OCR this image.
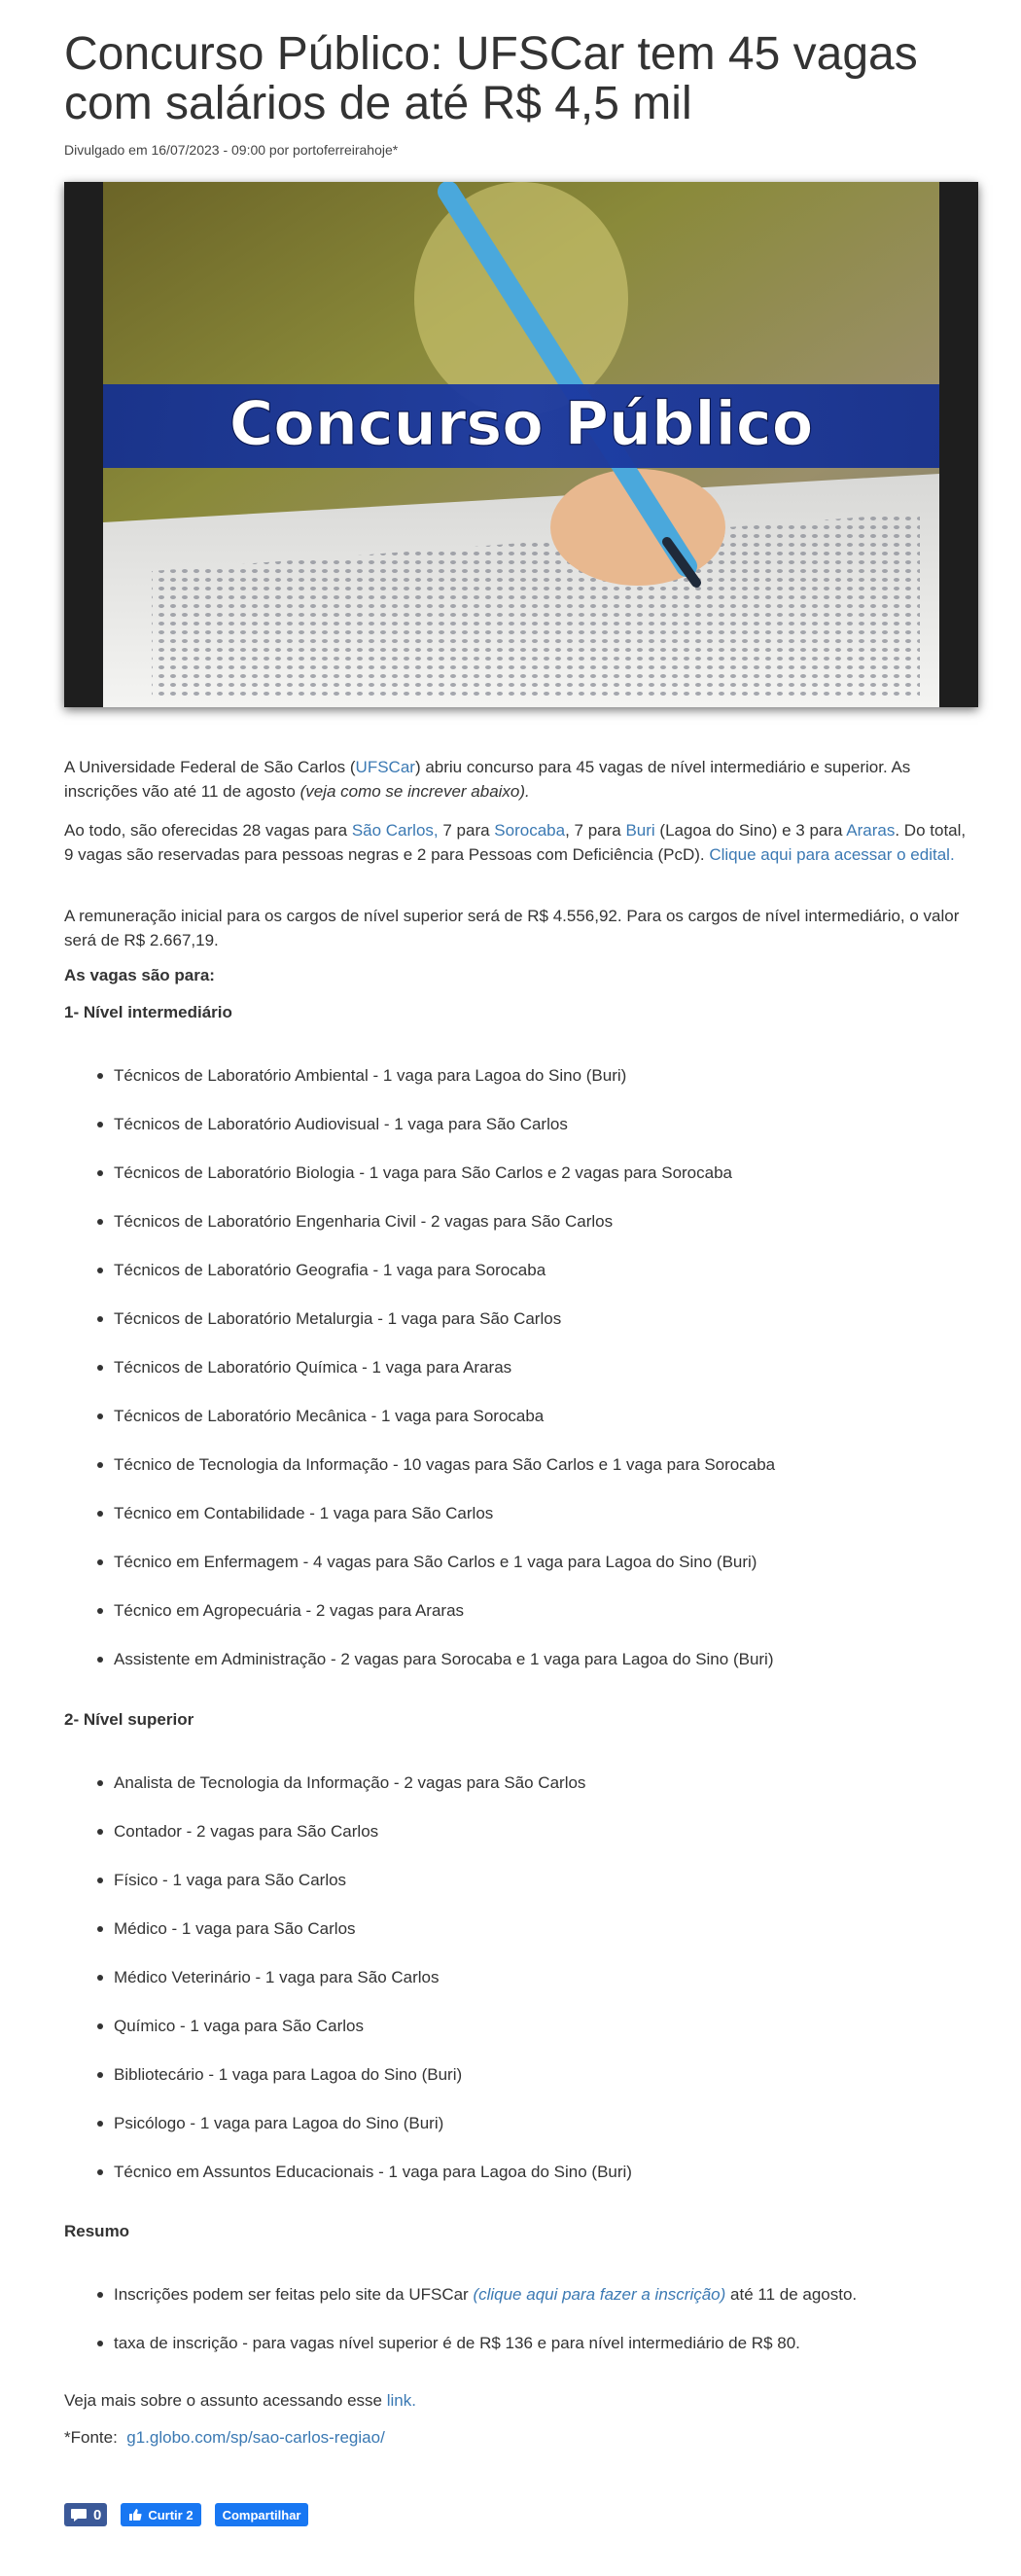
Concurso Público: UFSCar tem 45 vagas com salários de até R$ 4,5 mil
Divulgado em 16/07/2023 - 09:00 por portoferreirahoje*
Concurso Público

A Universidade Federal de São Carlos (UFSCar) abriu concurso para 45 vagas de nível intermediário e superior. As inscrições vão até 11 de agosto (veja como se increver abaixo).

Ao todo, são oferecidas 28 vagas para São Carlos, 7 para Sorocaba, 7 para Buri (Lagoa do Sino) e 3 para Araras. Do total, 9 vagas são reservadas para pessoas negras e 2 para Pessoas com Deficiência (PcD). Clique aqui para acessar o edital.

A remuneração inicial para os cargos de nível superior será de R$ 4.556,92. Para os cargos de nível intermediário, o valor será de R$ 2.667,19.

As vagas são para:
1- Nível intermediário
Técnicos de Laboratório Ambiental - 1 vaga para Lagoa do Sino (Buri)
Técnicos de Laboratório Audiovisual - 1 vaga para São Carlos
Técnicos de Laboratório Biologia - 1 vaga para São Carlos e 2 vagas para Sorocaba
Técnicos de Laboratório Engenharia Civil - 2 vagas para São Carlos
Técnicos de Laboratório Geografia - 1 vaga para Sorocaba
Técnicos de Laboratório Metalurgia - 1 vaga para São Carlos
Técnicos de Laboratório Química - 1 vaga para Araras
Técnicos de Laboratório Mecânica - 1 vaga para Sorocaba
Técnico de Tecnologia da Informação - 10 vagas para São Carlos e 1 vaga para Sorocaba
Técnico em Contabilidade - 1 vaga para São Carlos
Técnico em Enfermagem - 4 vagas para São Carlos e 1 vaga para Lagoa do Sino (Buri)
Técnico em Agropecuária - 2 vagas para Araras
Assistente em Administração - 2 vagas para Sorocaba e 1 vaga para Lagoa do Sino (Buri)
2- Nível superior
Analista de Tecnologia da Informação - 2 vagas para São Carlos
Contador - 2 vagas para São Carlos
Físico - 1 vaga para São Carlos
Médico - 1 vaga para São Carlos
Médico Veterinário - 1 vaga para São Carlos
Químico - 1 vaga para São Carlos
Bibliotecário - 1 vaga para Lagoa do Sino (Buri)
Psicólogo - 1 vaga para Lagoa do Sino (Buri)
Técnico em Assuntos Educacionais - 1 vaga para Lagoa do Sino (Buri)
Resumo
Inscrições podem ser feitas pelo site da UFSCar (clique aqui para fazer a inscrição) até 11 de agosto.
taxa de inscrição - para vagas nível superior é de R$ 136 e para nível intermediário de R$ 80.

Veja mais sobre o assunto acessando esse link.

*Fonte: g1.globo.com/sp/sao-carlos-regiao/

0	Curtir 2 Compartilhar
